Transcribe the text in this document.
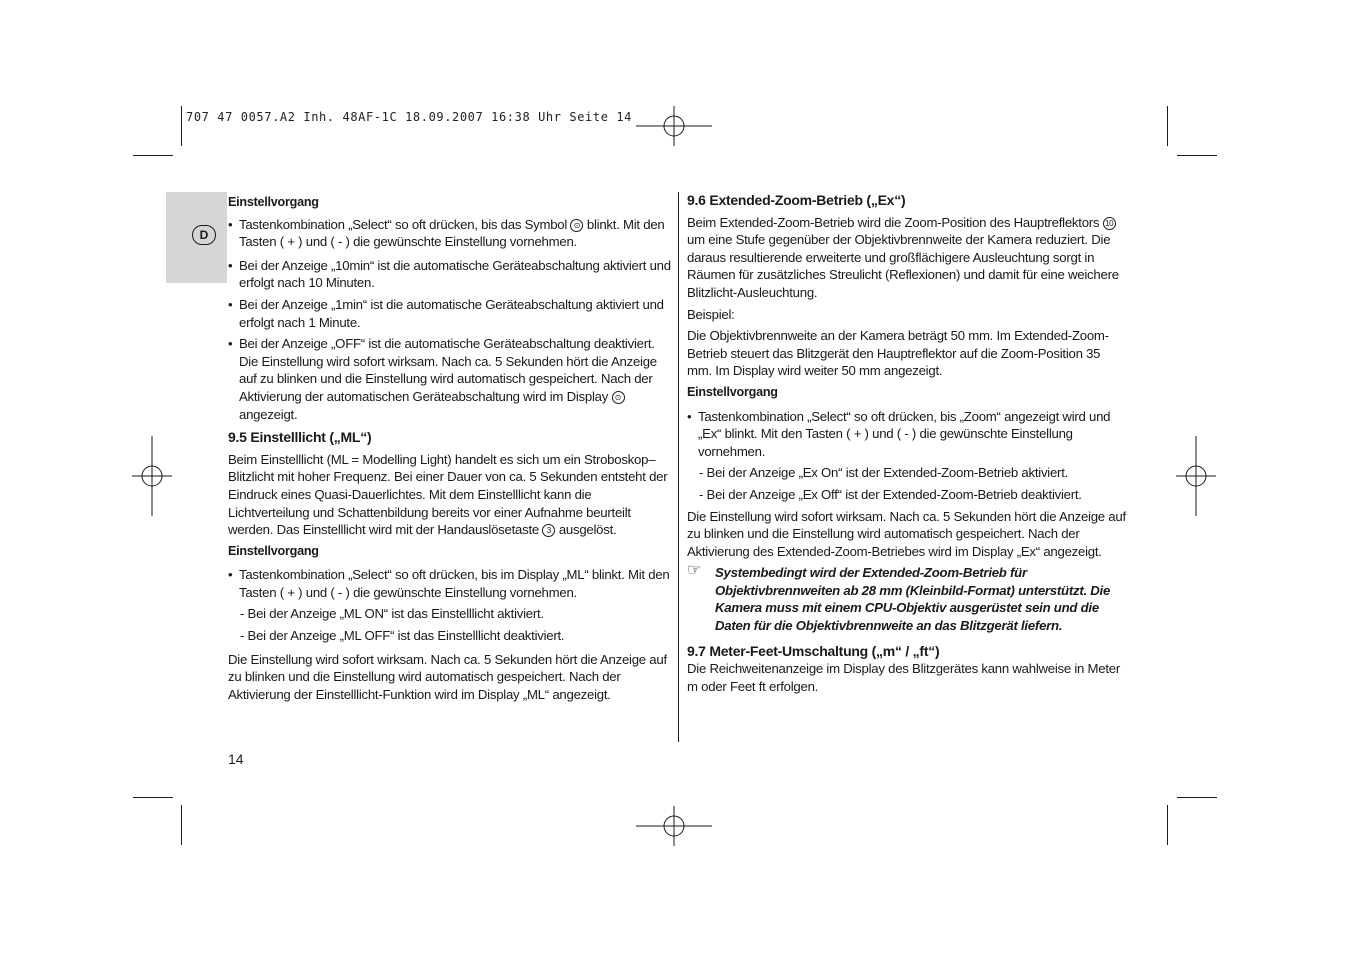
707 47 0057.A2 Inh. 48AF-1C 18.09.2007 16:38 Uhr Seite 14
D

Einstellvorgang

• Tastenkombination „Select“ so oft drücken, bis das Symbol ⊙ blinkt. Mit den Tasten ( + ) und ( - ) die gewünschte Einstellung vornehmen.

• Bei der Anzeige „10min“ ist die automatische Geräteabschaltung aktiviert und erfolgt nach 10 Minuten.

• Bei der Anzeige „1min“ ist die automatische Geräteabschaltung aktiviert und erfolgt nach 1 Minute.

• Bei der Anzeige „OFF“ ist die automatische Geräteabschaltung deaktiviert. Die Einstellung wird sofort wirksam. Nach ca. 5 Sekunden hört die Anzeige auf zu blinken und die Einstellung wird automatisch gespeichert. Nach der Aktivierung der automatischen Geräteabschaltung wird im Display ⊙ angezeigt.

9.5 Einstelllicht („ML“)

Beim Einstelllicht (ML = Modelling Light) handelt es sich um ein Stroboskop–Blitzlicht mit hoher Frequenz. Bei einer Dauer von ca. 5 Sekunden entsteht der Eindruck eines Quasi-Dauerlichtes. Mit dem Einstelllicht kann die Lichtverteilung und Schattenbildung bereits vor einer Aufnahme beurteilt werden. Das Einstelllicht wird mit der Handauslösetaste 3 ausgelöst.

Einstellvorgang

• Tastenkombination „Select“ so oft drücken, bis im Display „ML“ blinkt. Mit den Tasten ( + ) und ( - ) die gewünschte Einstellung vornehmen.

- Bei der Anzeige „ML ON“ ist das Einstelllicht aktiviert.

- Bei der Anzeige „ML OFF“ ist das Einstelllicht deaktiviert.

Die Einstellung wird sofort wirksam. Nach ca. 5 Sekunden hört die Anzeige auf zu blinken und die Einstellung wird automatisch gespeichert. Nach der Aktivierung der Einstelllicht-Funktion wird im Display „ML“ angezeigt.

9.6 Extended-Zoom-Betrieb („Ex“)

Beim Extended-Zoom-Betrieb wird die Zoom-Position des Hauptreflektors 10 um eine Stufe gegenüber der Objektivbrennweite der Kamera reduziert. Die daraus resultierende erweiterte und großflächigere Ausleuchtung sorgt in Räumen für zusätzliches Streulicht (Reflexionen) und damit für eine weichere Blitzlicht-Ausleuchtung.

Beispiel:

Die Objektivbrennweite an der Kamera beträgt 50 mm. Im Extended-Zoom-Betrieb steuert das Blitzgerät den Hauptreflektor auf die Zoom-Position 35 mm. Im Display wird weiter 50 mm angezeigt.

Einstellvorgang

• Tastenkombination „Select“ so oft drücken, bis „Zoom“ angezeigt wird und „Ex“ blinkt. Mit den Tasten ( + ) und ( - ) die gewünschte Einstellung vornehmen.

- Bei der Anzeige „Ex On“ ist der Extended-Zoom-Betrieb aktiviert.

- Bei der Anzeige „Ex Off“ ist der Extended-Zoom-Betrieb deaktiviert.

Die Einstellung wird sofort wirksam. Nach ca. 5 Sekunden hört die Anzeige auf zu blinken und die Einstellung wird automatisch gespeichert. Nach der Aktivierung des Extended-Zoom-Betriebes wird im Display „Ex“ angezeigt.

☞ Systembedingt wird der Extended-Zoom-Betrieb für Objektivbrennweiten ab 28 mm (Kleinbild-Format) unterstützt. Die Kamera muss mit einem CPU-Objektiv ausgerüstet sein und die Daten für die Objektivbrennweite an das Blitzgerät liefern.

9.7 Meter-Feet-Umschaltung („m“ / „ft“)

Die Reichweitenanzeige im Display des Blitzgerätes kann wahlweise in Meter m oder Feet ft erfolgen.

14
